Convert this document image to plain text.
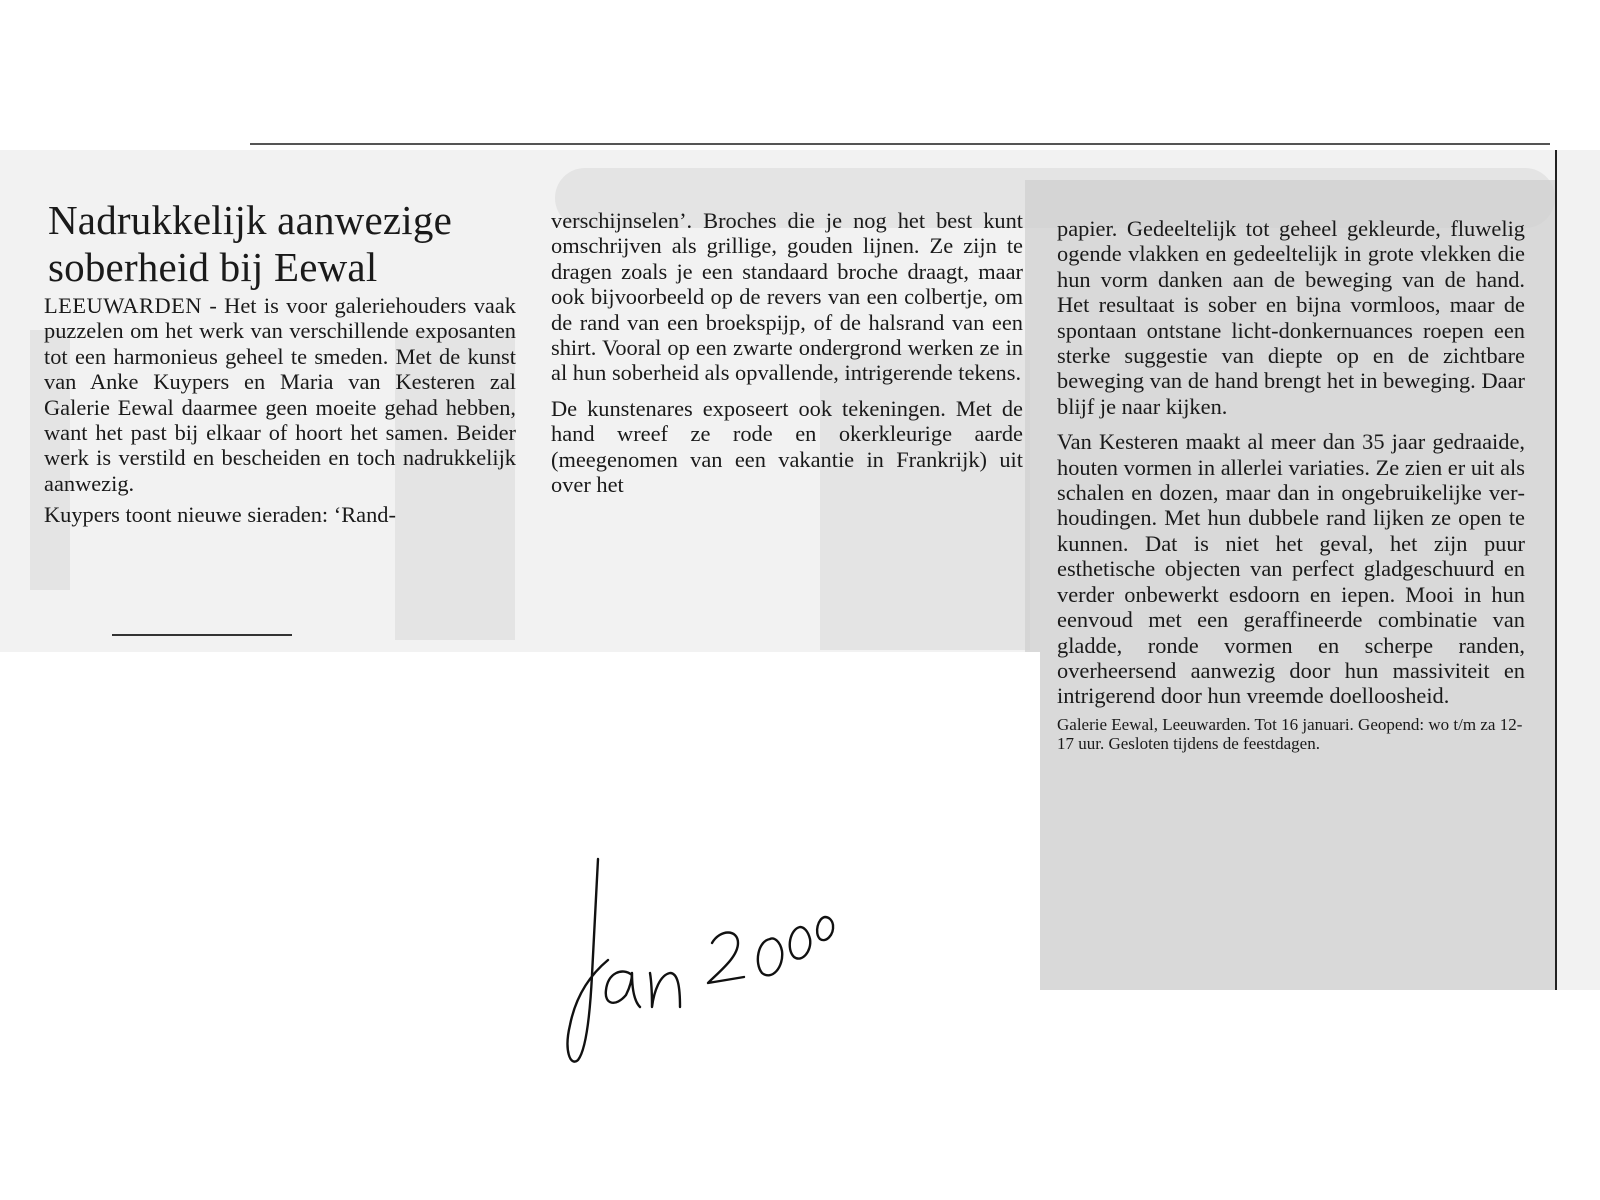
Nadrukkelijk aanwezige soberheid bij Eewal

LEEUWARDEN - Het is voor galeriehouders vaak puzzelen om het werk van verschillende exposanten tot een harmonieus geheel te smeden. Met de kunst van Anke Kuypers en Maria van Kesteren zal Galerie Eewal daarmee geen moeite gehad hebben, want het past bij elkaar of hoort het samen. Beider werk is verstild en bescheiden en toch nadrukkelijk aanwezig.

Kuypers toont nieuwe sieraden: ‘Rand-

verschijnselen’. Broches die je nog het best kunt omschrijven als grillige, gouden lijnen. Ze zijn te dragen zoals je een standaard broche draagt, maar ook bijvoorbeeld op de revers van een colbertje, om de rand van een broekspijp, of de halsrand van een shirt. Vooral op een zwarte ondergrond werken ze in al hun soberheid als opvallende, intrigerende tekens.

De kunstenares exposeert ook tekeningen. Met de hand wreef ze rode en okerkleurige aarde (meegenomen van een vakantie in Frankrijk) uit over het

papier. Gedeeltelijk tot geheel gekleurde, fluwelig ogende vlakken en gedeeltelijk in grote vlekken die hun vorm danken aan de beweging van de hand. Het resultaat is sober en bijna vormloos, maar de spontaan ontstane licht-donkernuances roepen een sterke suggestie van diepte op en de zichtbare beweging van de hand brengt het in beweging. Daar blijf je naar kijken.

Van Kesteren maakt al meer dan 35 jaar gedraaide, houten vormen in allerlei variaties. Ze zien er uit als schalen en dozen, maar dan in ongebruikelijke verhoudingen. Met hun dubbele rand lijken ze open te kunnen. Dat is niet het geval, het zijn puur esthetische objecten van perfect gladgeschuurd en verder onbewerkt esdoorn en iepen. Mooi in hun eenvoud met een geraffineerde combinatie van gladde, ronde vormen en scherpe randen, overheersend aanwezig door hun massiviteit en intrigerend door hun vreemde doelloosheid.

Galerie Eewal, Leeuwarden. Tot 16 januari. Geopend: wo t/m za 12-17 uur. Gesloten tijdens de feestdagen.
